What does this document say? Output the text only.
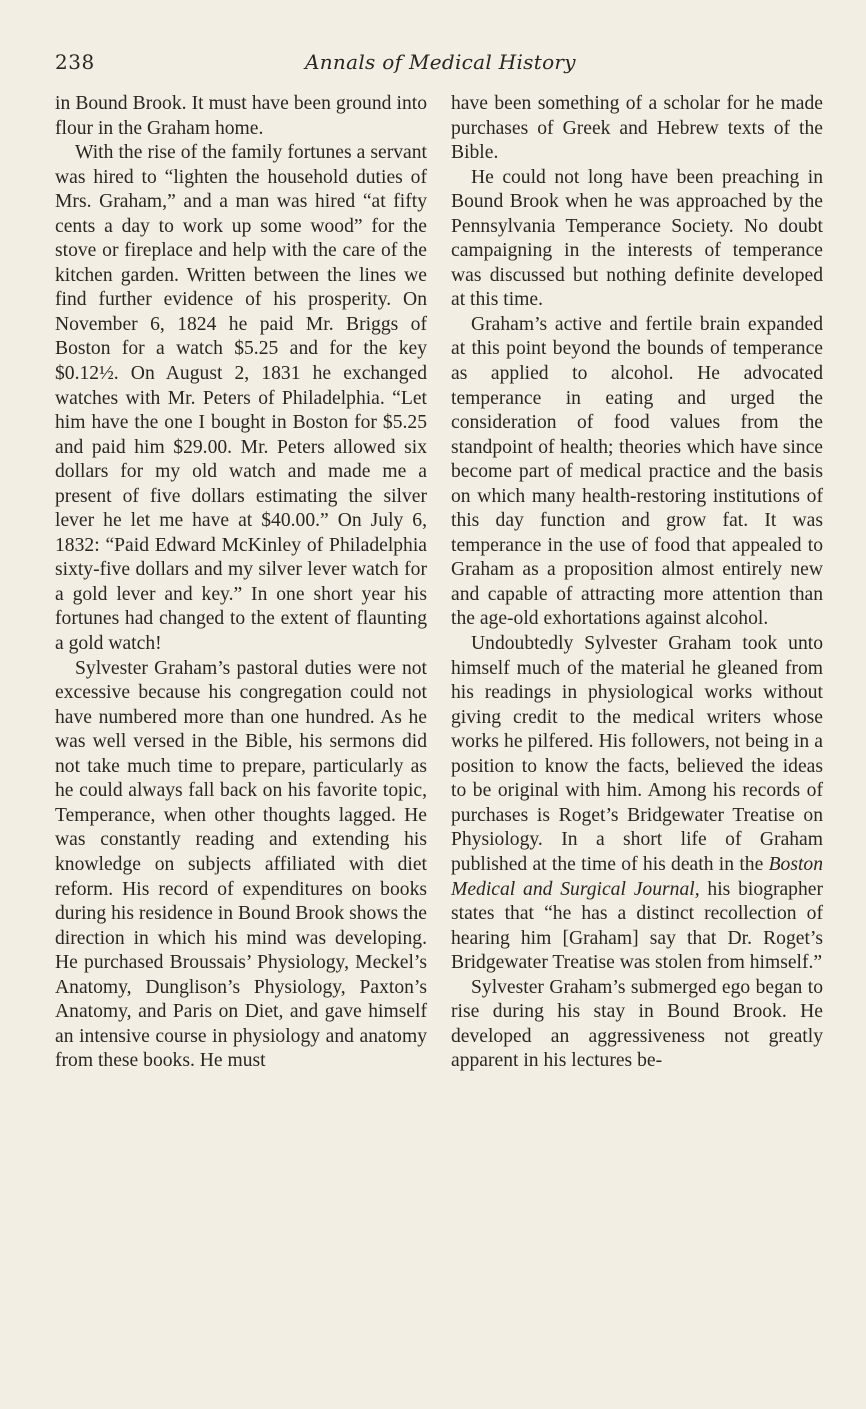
238	Annals of Medical History

in Bound Brook. It must have been ground into flour in the Graham home.

With the rise of the family fortunes a servant was hired to “lighten the household duties of Mrs. Graham,” and a man was hired “at fifty cents a day to work up some wood” for the stove or fireplace and help with the care of the kitchen garden. Written between the lines we find further evidence of his prosperity. On November 6, 1824 he paid Mr. Briggs of Boston for a watch $5.25 and for the key $0.12½. On August 2, 1831 he exchanged watches with Mr. Peters of Philadelphia. “Let him have the one I bought in Boston for $5.25 and paid him $29.00. Mr. Peters allowed six dollars for my old watch and made me a present of five dollars estimating the silver lever he let me have at $40.00.” On July 6, 1832: “Paid Edward McKinley of Philadelphia sixty-five dollars and my silver lever watch for a gold lever and key.” In one short year his fortunes had changed to the extent of flaunting a gold watch!

Sylvester Graham’s pastoral duties were not excessive because his congregation could not have numbered more than one hundred. As he was well versed in the Bible, his sermons did not take much time to prepare, particularly as he could always fall back on his favorite topic, Temperance, when other thoughts lagged. He was constantly reading and extending his knowledge on subjects affiliated with diet reform. His record of expenditures on books during his residence in Bound Brook shows the direction in which his mind was developing. He purchased Broussais’ Physiology, Meckel’s Anatomy, Dunglison’s Physiology, Paxton’s Anatomy, and Paris on Diet, and gave himself an intensive course in physiology and anatomy from these books. He must

have been something of a scholar for he made purchases of Greek and Hebrew texts of the Bible.

He could not long have been preaching in Bound Brook when he was approached by the Pennsylvania Temperance Society. No doubt campaigning in the interests of temperance was discussed but nothing definite developed at this time.

Graham’s active and fertile brain expanded at this point beyond the bounds of temperance as applied to alcohol. He advocated temperance in eating and urged the consideration of food values from the standpoint of health; theories which have since become part of medical practice and the basis on which many health-restoring institutions of this day function and grow fat. It was temperance in the use of food that appealed to Graham as a proposition almost entirely new and capable of attracting more attention than the age-old exhortations against alcohol.

Undoubtedly Sylvester Graham took unto himself much of the material he gleaned from his readings in physiological works without giving credit to the medical writers whose works he pilfered. His followers, not being in a position to know the facts, believed the ideas to be original with him. Among his records of purchases is Roget’s Bridgewater Treatise on Physiology. In a short life of Graham published at the time of his death in the Boston Medical and Surgical Journal, his biographer states that “he has a distinct recollection of hearing him [Graham] say that Dr. Roget’s Bridgewater Treatise was stolen from himself.”

Sylvester Graham’s submerged ego began to rise during his stay in Bound Brook. He developed an aggressiveness not greatly apparent in his lectures be-
